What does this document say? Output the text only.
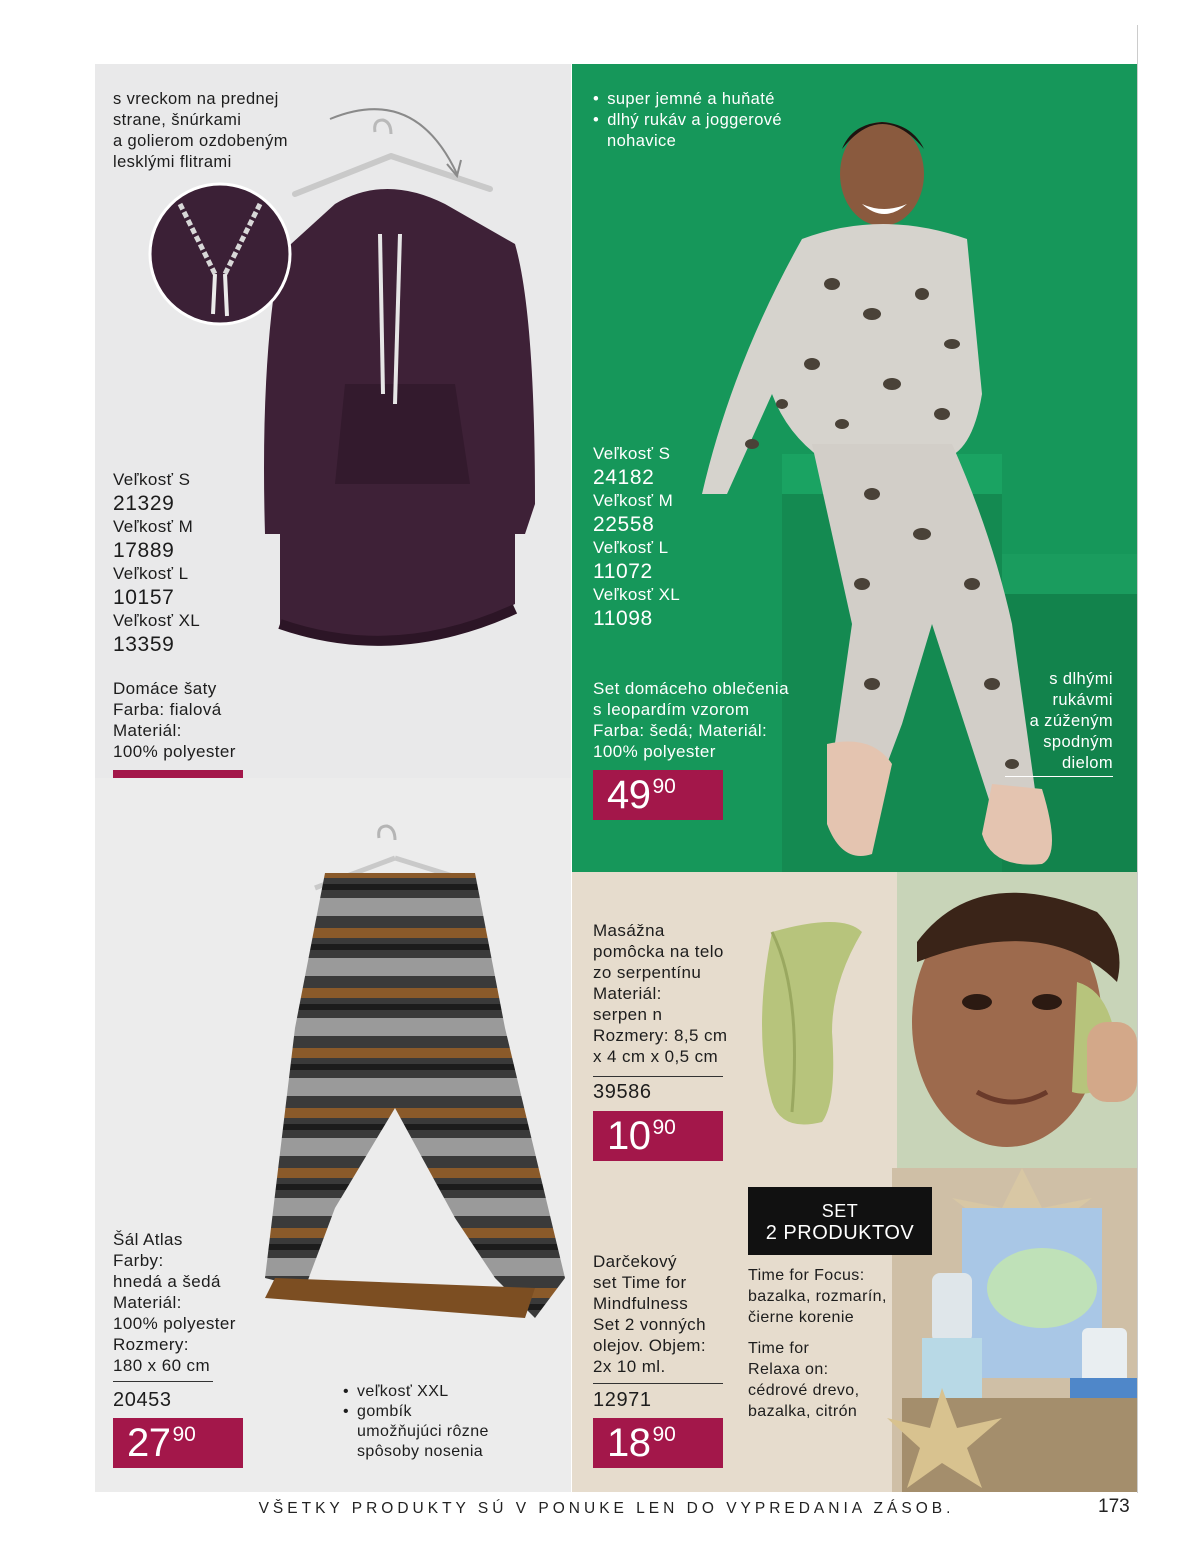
s vreckom na prednej
strane, šnúrkami
a golierom ozdobeným
lesklými flitrami
Veľkosť S
21329
Veľkosť M
17889
Veľkosť L
10157
Veľkosť XL
13359
Domáce šaty
Farba: fialová
Materiál:
100% polyester
• super jemné a huňaté
• dlhý rukáv a joggerové
nohavice
Veľkosť S
24182
Veľkosť M
22558
Veľkosť L
11072
Veľkosť XL
11098
Set domáceho oblečenia
s leopardím vzorom
Farba: šedá; Materiál:
100% polyester
s dlhými
rukávmi
a zúženým
spodným
dielom
49 90
Šál Atlas
Farby:
hnedá a šedá
Materiál:
100% polyester
Rozmery:
180 x 60 cm
20453
•	veľkosť XXL
• gombík
umožňujúci rôzne
spôsoby nosenia
27 90
Masážna
pomôcka na telo
zo serpentínu
Materiál:
serpen n
Rozmery: 8,5 cm
x 4 cm x 0,5 cm
39586
10 90
SET
2 PRODUKTOV
Darčekový
set Time for
Mindfulness
Set 2 vonných
olejov. Objem:
2x 10 ml.
12971
Time for Focus:
bazalka, rozmarín,
čierne korenie
Time for
Relaxa on:
cédrové drevo,
bazalka, citrón
18 90
VŠETKY PRODUKTY SÚ V PONUKE LEN DO VYPREDANIA ZÁSOB.	173
